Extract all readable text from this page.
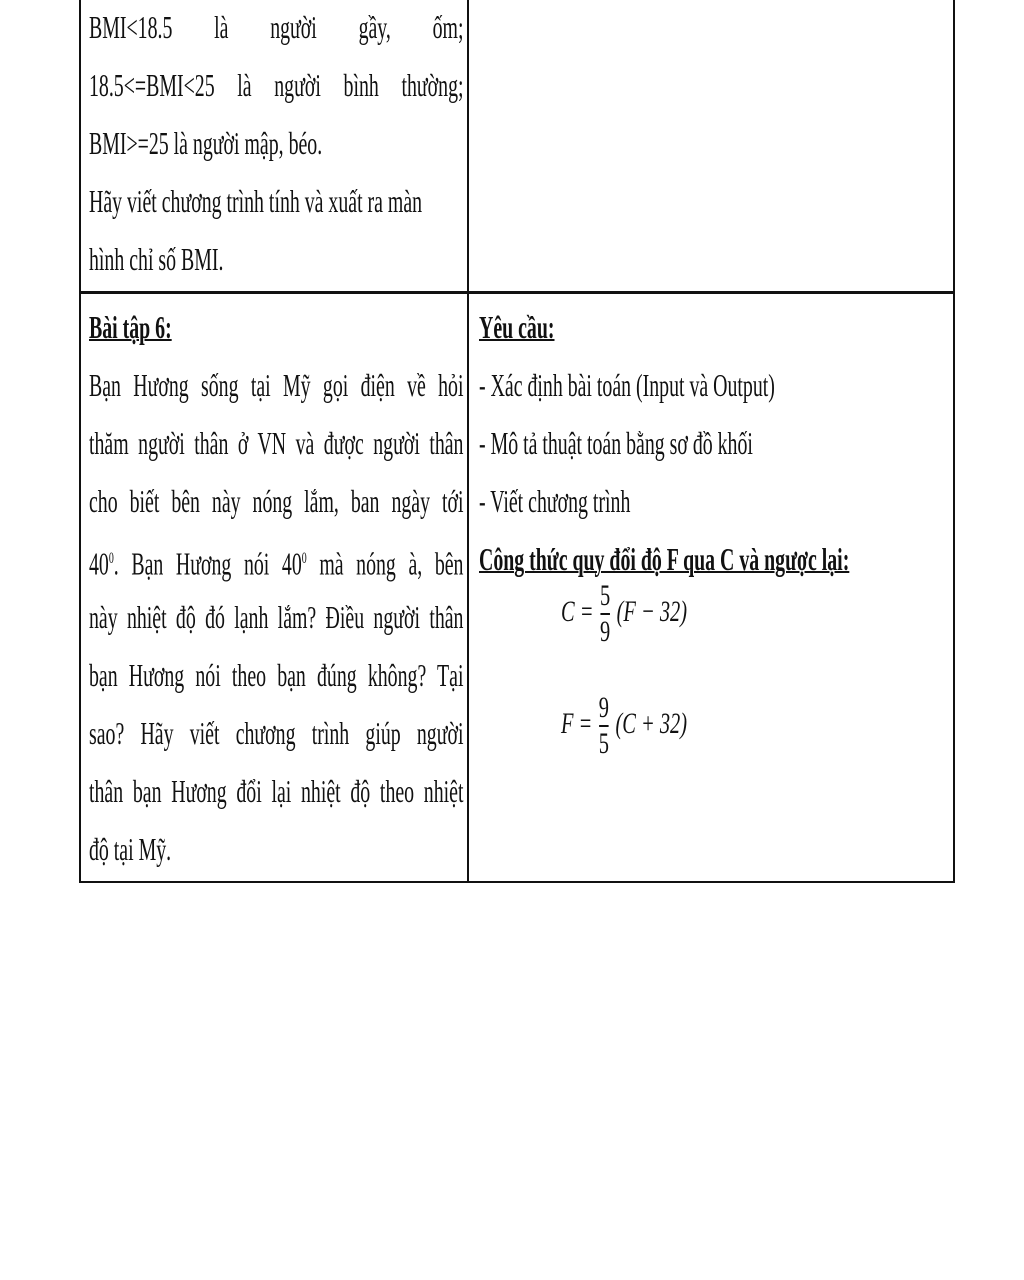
BMI<18.5 là người gầy, ốm;
18.5<=BMI<25 là người bình thường;
BMI>=25 là người mập, béo.
Hãy viết chương trình tính và xuất ra màn
hình chỉ số BMI.
Bài tập 6:
Bạn Hương sống tại Mỹ gọi điện về hỏi
thăm người thân ở VN và được người thân
cho biết bên này nóng lắm, ban ngày tới
$40^0$. Bạn Hương nói $40^0$ mà nóng à, bên
này nhiệt độ đó lạnh lắm? Điều người thân
bạn Hương nói theo bạn đúng không? Tại
sao? Hãy viết chương trình giúp người
thân bạn Hương đổi lại nhiệt độ theo nhiệt
độ tại Mỹ.
Yêu cầu:
- Xác định bài toán (Input và Output)
- Mô tả thuật toán bằng sơ đồ khối
- Viết chương trình
Công thức quy đổi độ F qua C và ngược lại:
$C = \frac{5}{9} (F - 32)$
$F = \frac{9}{5} (C + 32)$
